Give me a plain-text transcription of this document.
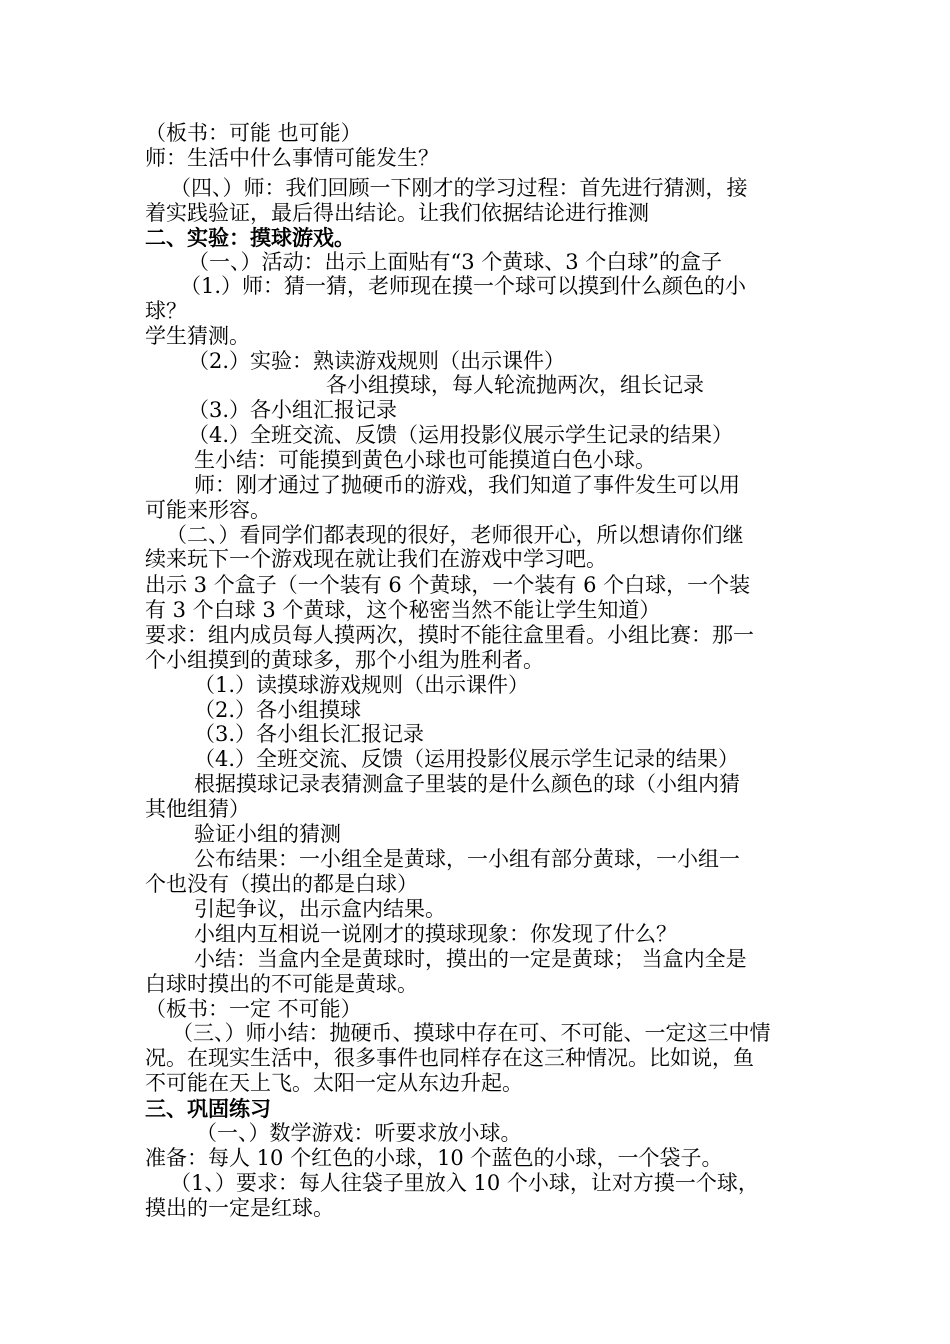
（板书：可能 也可能）
师：生活中什么事情可能发生？
（四、）师：我们回顾一下刚才的学习过程：首先进行猜测，接
着实践验证，最后得出结论。让我们依据结论进行推测
二、实验：摸球游戏。
（一、）活动：出示上面贴有“3 个黄球、3 个白球”的盒子
（1.）师：猜一猜，老师现在摸一个球可以摸到什么颜色的小
球？
学生猜测。
（2.）实验：熟读游戏规则（出示课件）
各小组摸球，每人轮流抛两次，组长记录
（3.）各小组汇报记录
（4.）全班交流、反馈（运用投影仪展示学生记录的结果）
生小结：可能摸到黄色小球也可能摸道白色小球。
师：刚才通过了抛硬币的游戏，我们知道了事件发生可以用
可能来形容。
（二、）看同学们都表现的很好，老师很开心，所以想请你们继
续来玩下一个游戏现在就让我们在游戏中学习吧。
出示 3 个盒子（一个装有 6 个黄球，一个装有 6 个白球，一个装
有 3 个白球 3 个黄球，这个秘密当然不能让学生知道）
要求：组内成员每人摸两次，摸时不能往盒里看。小组比赛：那一
个小组摸到的黄球多，那个小组为胜利者。
（1.）读摸球游戏规则（出示课件）
（2.）各小组摸球
（3.）各小组长汇报记录
（4.）全班交流、反馈（运用投影仪展示学生记录的结果）
根据摸球记录表猜测盒子里装的是什么颜色的球（小组内猜
其他组猜）
验证小组的猜测
公布结果：一小组全是黄球，一小组有部分黄球，一小组一
个也没有（摸出的都是白球）
引起争议，出示盒内结果。
小组内互相说一说刚才的摸球现象：你发现了什么？
小结：当盒内全是黄球时，摸出的一定是黄球； 当盒内全是
白球时摸出的不可能是黄球。
（板书：一定 不可能）
（三、）师小结：抛硬币、摸球中存在可、不可能、一定这三中情
况。在现实生活中，很多事件也同样存在这三种情况。比如说，鱼
不可能在天上飞。太阳一定从东边升起。
三、巩固练习
（一、）数学游戏：听要求放小球。
准备：每人 10 个红色的小球，10 个蓝色的小球，一个袋子。
（1、）要求：每人往袋子里放入 10 个小球，让对方摸一个球，
摸出的一定是红球。
